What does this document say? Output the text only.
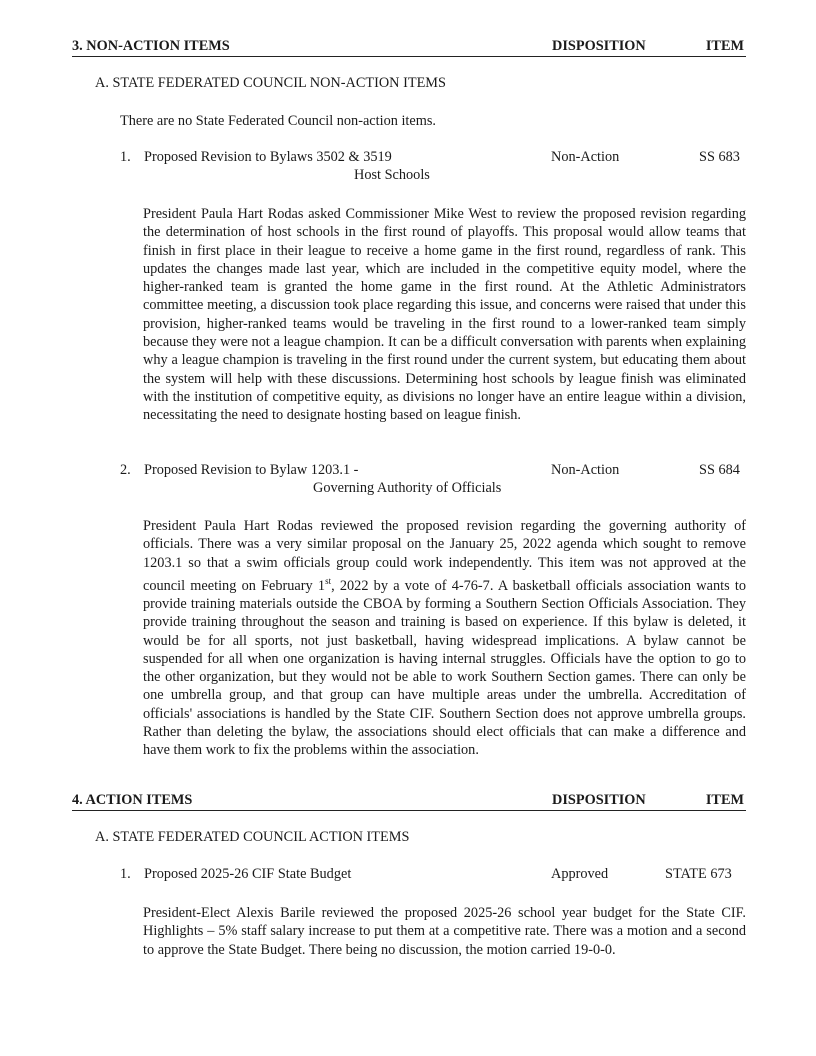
3. NON-ACTION ITEMS	DISPOSITION	ITEM
A. STATE FEDERATED COUNCIL NON-ACTION ITEMS
There are no State Federated Council non-action items.
1. Proposed Revision to Bylaws 3502 & 3519	Non-Action	SS 683
Host Schools

President Paula Hart Rodas asked Commissioner Mike West to review the proposed revision regarding the determination of host schools in the first round of playoffs. This proposal would allow teams that finish in first place in their league to receive a home game in the first round, regardless of rank. This updates the changes made last year, which are included in the competitive equity model, where the higher-ranked team is granted the home game in the first round. At the Athletic Administrators committee meeting, a discussion took place regarding this issue, and concerns were raised that under this provision, higher-ranked teams would be traveling in the first round to a lower-ranked team simply because they were not a league champion. It can be a difficult conversation with parents when explaining why a league champion is traveling in the first round under the current system, but educating them about the system will help with these discussions. Determining host schools by league finish was eliminated with the institution of competitive equity, as divisions no longer have an entire league within a division, necessitating the need to designate hosting based on league finish.

2. Proposed Revision to Bylaw 1203.1 -	Non-Action	SS 684
Governing Authority of Officials

President Paula Hart Rodas reviewed the proposed revision regarding the governing authority of officials. There was a very similar proposal on the January 25, 2022 agenda which sought to remove 1203.1 so that a swim officials group could work independently. This item was not approved at the council meeting on February 1st, 2022 by a vote of 4-76-7. A basketball officials association wants to provide training materials outside the CBOA by forming a Southern Section Officials Association. They provide training throughout the season and training is based on experience. If this bylaw is deleted, it would be for all sports, not just basketball, having widespread implications. A bylaw cannot be suspended for all when one organization is having internal struggles. Officials have the option to go to the other organization, but they would not be able to work Southern Section games. There can only be one umbrella group, and that group can have multiple areas under the umbrella. Accreditation of officials' associations is handled by the State CIF. Southern Section does not approve umbrella groups. Rather than deleting the bylaw, the associations should elect officials that can make a difference and have them work to fix the problems within the association.

4. ACTION ITEMS	DISPOSITION	ITEM
A. STATE FEDERATED COUNCIL ACTION ITEMS
1. Proposed 2025-26 CIF State Budget	Approved	STATE 673

President-Elect Alexis Barile reviewed the proposed 2025-26 school year budget for the State CIF. Highlights – 5% staff salary increase to put them at a competitive rate. There was a motion and a second to approve the State Budget. There being no discussion, the motion carried 19-0-0.
